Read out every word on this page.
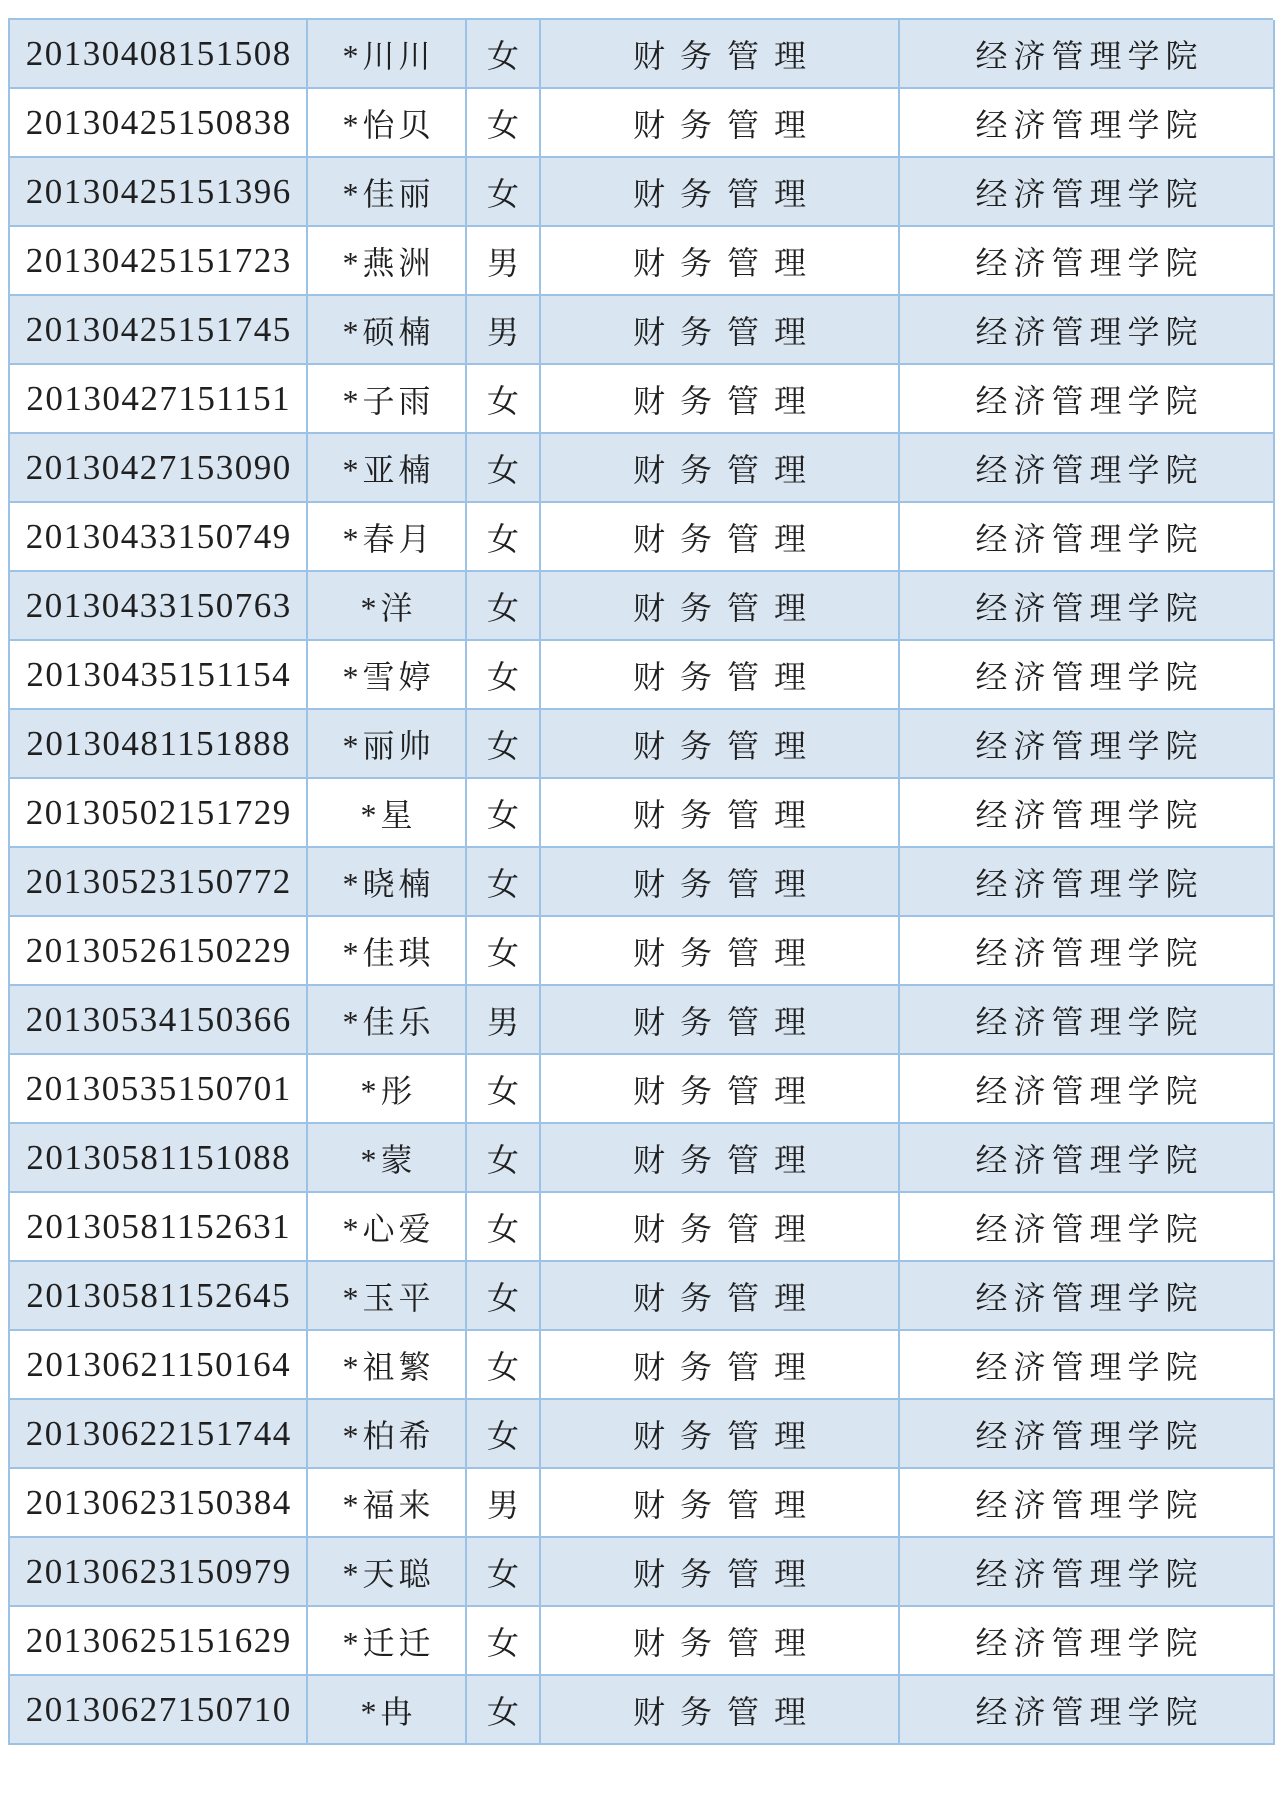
20130408151508	*川川	女	财务管理	经济管理学院
20130425150838	*怡贝	女	财务管理	经济管理学院
20130425151396	*佳丽	女	财务管理	经济管理学院
20130425151723	*燕洲	男	财务管理	经济管理学院
20130425151745	*硕楠	男	财务管理	经济管理学院
20130427151151	*子雨	女	财务管理	经济管理学院
20130427153090	*亚楠	女	财务管理	经济管理学院
20130433150749	*春月	女	财务管理	经济管理学院
20130433150763	*洋	女	财务管理	经济管理学院
20130435151154	*雪婷	女	财务管理	经济管理学院
20130481151888	*丽帅	女	财务管理	经济管理学院
20130502151729	*星	女	财务管理	经济管理学院
20130523150772	*晓楠	女	财务管理	经济管理学院
20130526150229	*佳琪	女	财务管理	经济管理学院
20130534150366	*佳乐	男	财务管理	经济管理学院
20130535150701	*彤	女	财务管理	经济管理学院
20130581151088	*蒙	女	财务管理	经济管理学院
20130581152631	*心爱	女	财务管理	经济管理学院
20130581152645	*玉平	女	财务管理	经济管理学院
20130621150164	*祖繁	女	财务管理	经济管理学院
20130622151744	*柏希	女	财务管理	经济管理学院
20130623150384	*福来	男	财务管理	经济管理学院
20130623150979	*天聪	女	财务管理	经济管理学院
20130625151629	*迁迁	女	财务管理	经济管理学院
20130627150710	*冉	女	财务管理	经济管理学院
